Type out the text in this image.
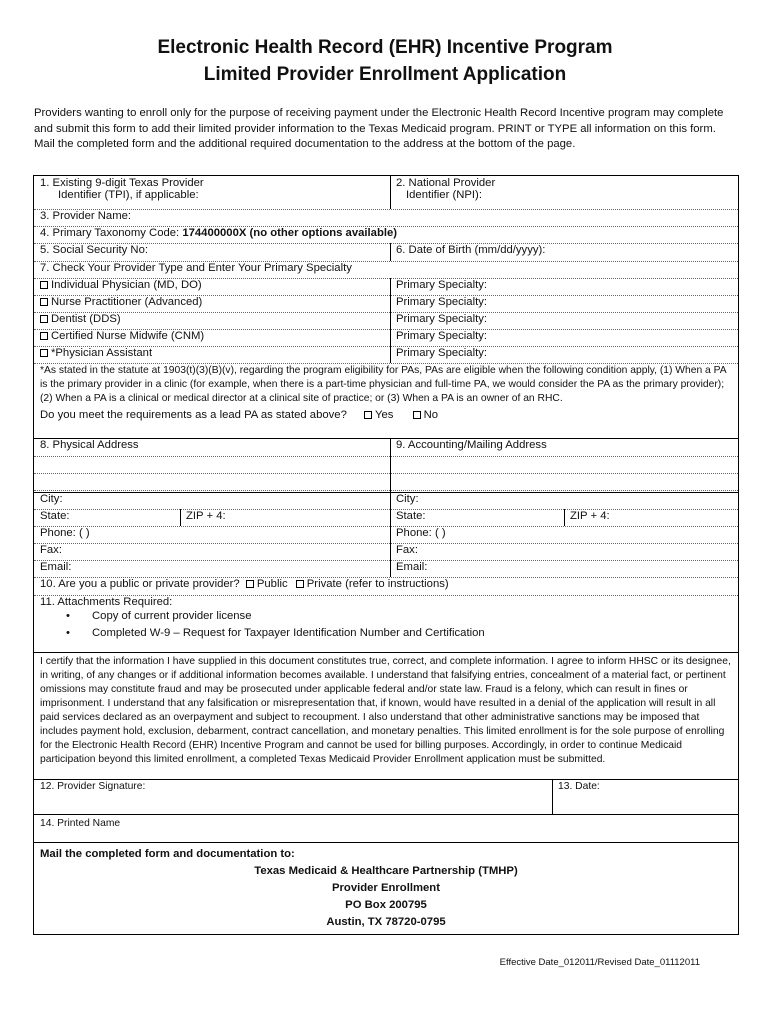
Electronic Health Record (EHR) Incentive Program
Limited Provider Enrollment Application
Providers wanting to enroll only for the purpose of receiving payment under the Electronic Health Record Incentive program may complete and submit this form to add their limited provider information to the Texas Medicaid program. PRINT or TYPE all information on this form. Mail the completed form and the additional required documentation to the address at the bottom of the page.
1. Existing 9-digit Texas Provider
Identifier (TPI), if applicable:
2. National Provider
Identifier (NPI):
3. Provider Name:
4. Primary Taxonomy Code: 174400000X (no other options available)
5. Social Security No:	6. Date of Birth (mm/dd/yyyy):
7. Check Your Provider Type and Enter Your Primary Specialty
Individual Physician (MD, DO)	Primary Specialty:
Nurse Practitioner (Advanced)	Primary Specialty:
Dentist (DDS)	Primary Specialty:
Certified Nurse Midwife (CNM)	Primary Specialty:
*Physician Assistant	Primary Specialty:
*As stated in the statute at 1903(t)(3)(B)(v), regarding the program eligibility for PAs, PAs are eligible when the following condition apply, (1) When a PA is the primary provider in a clinic (for example, when there is a part-time physician and full-time PA, we would consider the PA as the primary provider); (2) When a PA is a clinical or medical director at a clinical site of practice; or (3) When a PA is an owner of an RHC.
Do you meet the requirements as a lead PA as stated above? Yes	No
8. Physical Address	9. Accounting/Mailing Address
City:	City:
State:	ZIP + 4:	State:	ZIP + 4:
Phone: ( )	Phone: ( )
Fax:	Fax:
Email:	Email:
10. Are you a public or private provider? Public Private (refer to instructions)
11. Attachments Required:
• Copy of current provider license
• Completed W-9 – Request for Taxpayer Identification Number and Certification
I certify that the information I have supplied in this document constitutes true, correct, and complete information. I agree to inform HHSC or its designee, in writing, of any changes or if additional information becomes available. I understand that falsifying entries, concealment of a material fact, or pertinent omissions may constitute fraud and may be prosecuted under applicable federal and/or state law. Fraud is a felony, which can result in fines or imprisonment. I understand that any falsification or misrepresentation that, if known, would have resulted in a denial of the application will result in all paid services declared as an overpayment and subject to recoupment. I also understand that other administrative sanctions may be imposed that includes payment hold, exclusion, debarment, contract cancellation, and monetary penalties. This limited enrollment is for the sole purpose of enrolling for the Electronic Health Record (EHR) Incentive Program and cannot be used for billing purposes. Accordingly, in order to continue Medicaid participation beyond this limited enrollment, a completed Texas Medicaid Provider Enrollment application must be submitted.
12. Provider Signature:	13. Date:
14. Printed Name
Mail the completed form and documentation to:
Texas Medicaid & Healthcare Partnership (TMHP)
Provider Enrollment
PO Box 200795
Austin, TX 78720-0795
Effective Date_012011/Revised Date_01112011
